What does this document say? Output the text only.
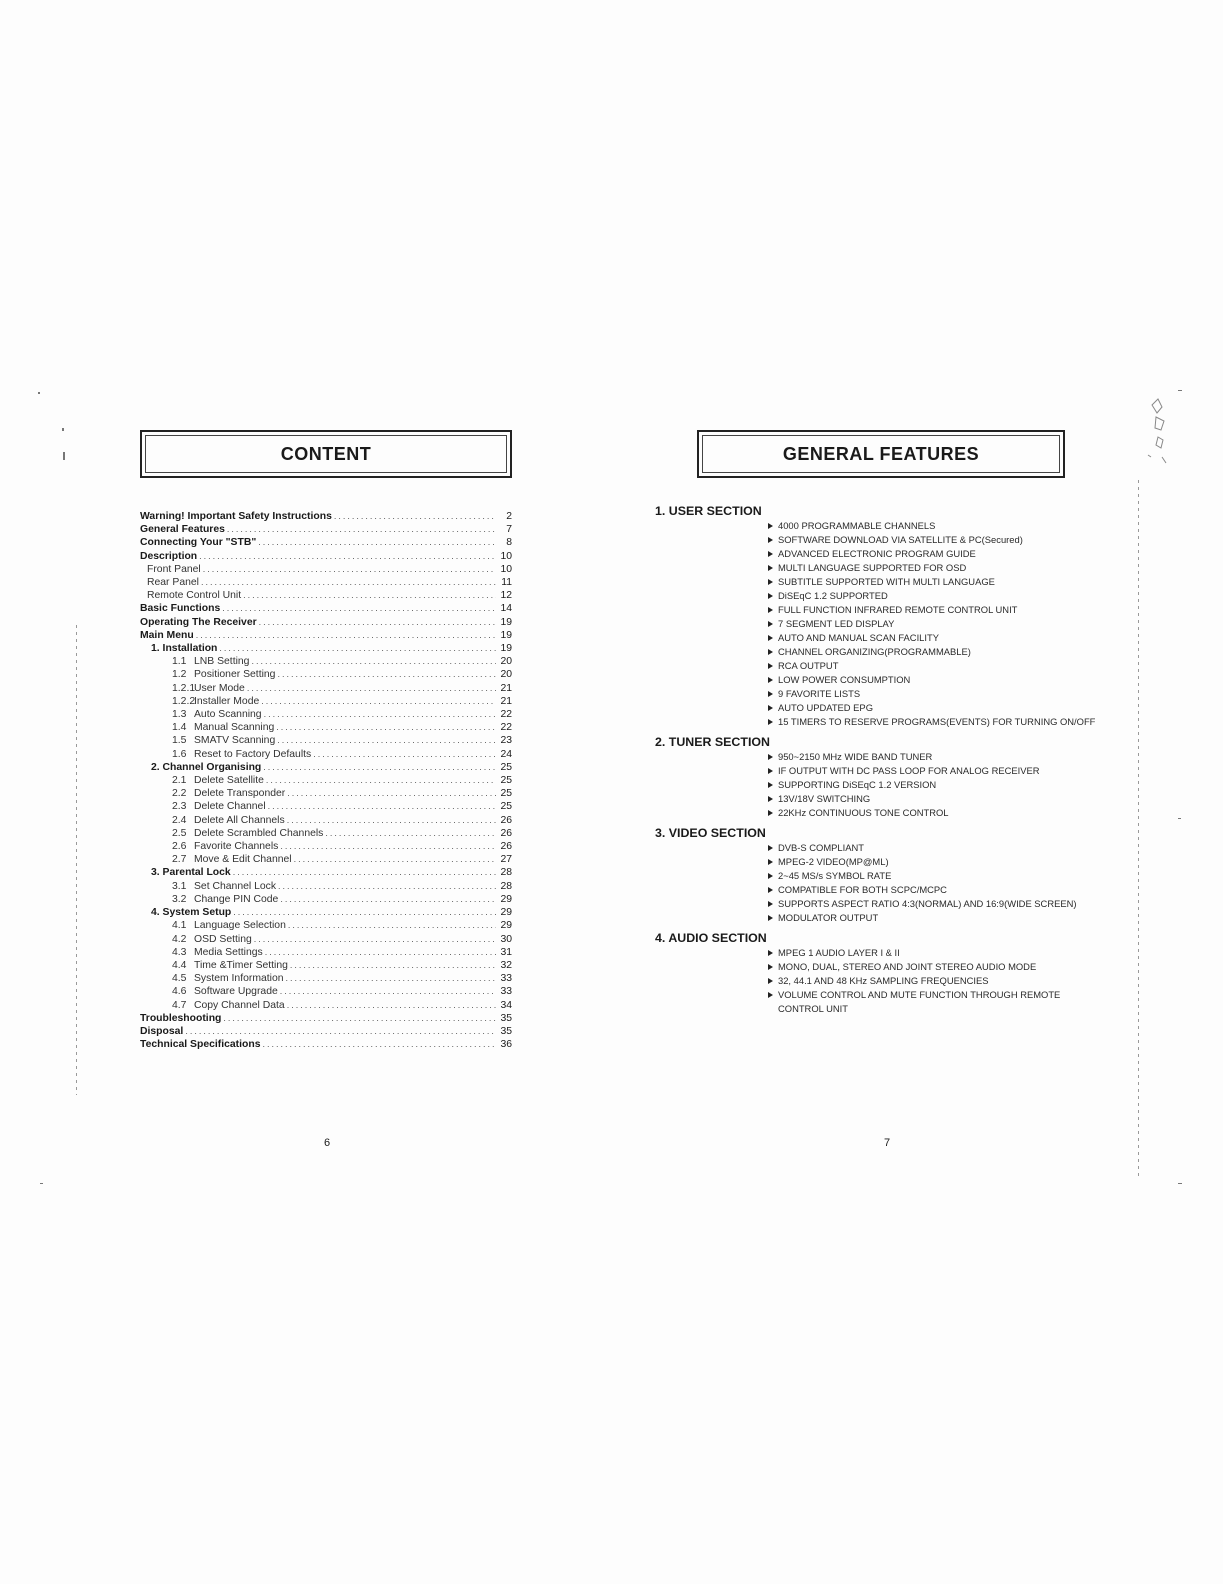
CONTENT
Warning! Important Safety Instructions .....	2
General Features .....	7
Connecting Your "STB" .....	8
Description .....	10
Front Panel .....	10
Rear Panel .....	11
Remote Control Unit .....	12
Basic Functions .....	14
Operating The Receiver .....	19
Main Menu .....	19
1. Installation .....	19
1.1 LNB Setting .....	20
1.2 Positioner Setting .....	20
1.2.1User Mode .....	21
1.2.2Installer Mode .....	21
1.3 Auto Scanning .....	22
1.4 Manual Scanning .....	22
1.5 SMATV Scanning .....	23
1.6 Reset to Factory Defaults .....	24
2. Channel Organising .....	25
2.1 Delete Satellite .....	25
2.2 Delete Transponder .....	25
2.3 Delete Channel .....	25
2.4 Delete All Channels .....	26
2.5 Delete Scrambled Channels .....	26
2.6 Favorite Channels .....	26
2.7 Move & Edit Channel .....	27
3. Parental Lock .....	28
3.1 Set Channel Lock .....	28
3.2 Change PIN Code .....	29
4. System Setup .....	29
4.1 Language Selection .....	29
4.2 OSD Setting .....	30
4.3 Media Settings .....	31
4.4 Time &Timer Setting .....	32
4.5 System Information .....	33
4.6 Software Upgrade .....	33
4.7 Copy Channel Data .....	34
Troubleshooting .....	35
Disposal .....	35
Technical Specifications .....	36
6
GENERAL FEATURES
1. USER SECTION
4000 PROGRAMMABLE CHANNELS
SOFTWARE DOWNLOAD VIA SATELLITE & PC(Secured)
ADVANCED ELECTRONIC PROGRAM GUIDE
MULTI LANGUAGE SUPPORTED FOR OSD
SUBTITLE SUPPORTED WITH MULTI LANGUAGE
DiSEqC 1.2 SUPPORTED
FULL FUNCTION INFRARED REMOTE CONTROL UNIT
7 SEGMENT LED DISPLAY
AUTO AND MANUAL SCAN FACILITY
CHANNEL ORGANIZING(PROGRAMMABLE)
RCA OUTPUT
LOW POWER CONSUMPTION
9 FAVORITE LISTS
AUTO UPDATED EPG
15 TIMERS TO RESERVE PROGRAMS(EVENTS) FOR TURNING ON/OFF
2. TUNER SECTION
950~2150 MHz WIDE BAND TUNER
IF OUTPUT WITH DC PASS LOOP FOR ANALOG RECEIVER
SUPPORTING DiSEqC 1.2 VERSION
13V/18V SWITCHING
22KHz CONTINUOUS TONE CONTROL
3. VIDEO SECTION
DVB-S COMPLIANT
MPEG-2 VIDEO(MP@ML)
2~45 MS/s SYMBOL RATE
COMPATIBLE FOR BOTH SCPC/MCPC
SUPPORTS ASPECT RATIO 4:3(NORMAL) AND 16:9(WIDE SCREEN)
MODULATOR OUTPUT
4. AUDIO SECTION
MPEG 1 AUDIO LAYER I & II
MONO, DUAL, STEREO AND JOINT STEREO AUDIO MODE
32, 44.1 AND 48 KHz SAMPLING FREQUENCIES
VOLUME CONTROL AND MUTE FUNCTION THROUGH REMOTE CONTROL UNIT
7
